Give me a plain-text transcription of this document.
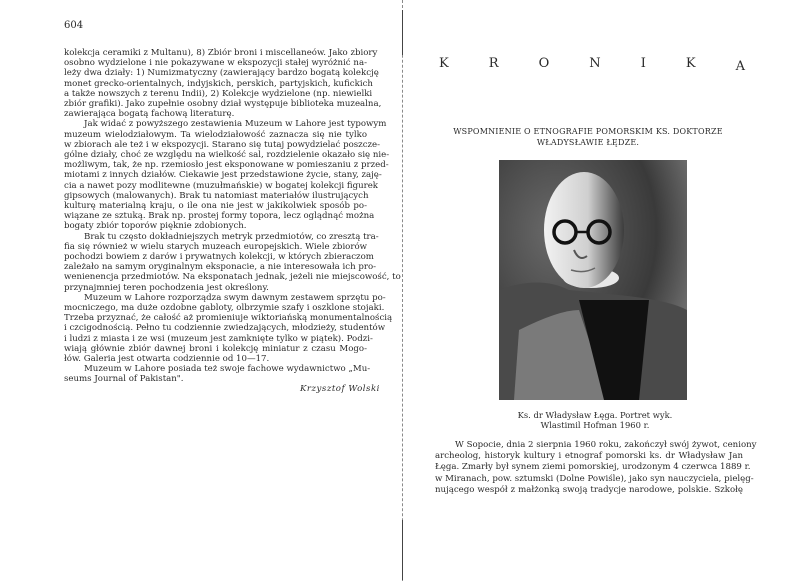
604
kolekcja ceramiki z Multanu), 8) Zbiór broni i miscellaneów. Jako zbiory
osobno wydzielone i nie pokazywane w ekspozycji stałej wyróżnić na-
leży dwa działy: 1) Numizmatyczny (zawierający bardzo bogatą kolekcję
monet grecko-orientalnych, indyjskich, perskich, partyjskich, kufickich
a także nowszych z terenu Indii), 2) Kolekcje wydzielone (np. niewielki
zbiór grafiki). Jako zupełnie osobny dział występuje biblioteka muzealna,
zawierająca bogatą fachową literaturę.
Jak widać z powyższego zestawienia Muzeum w Lahore jest typowym
muzeum wielodziałowym. Ta wielodziałowość zaznacza się nie tylko
w zbiorach ale też i w ekspozycji. Starano się tutaj powydzielać poszcze-
gólne działy, choć ze względu na wielkość sal, rozdzielenie okazało się nie-
możliwym, tak, że np. rzemiosło jest eksponowane w pomieszaniu z przed-
miotami z innych działów. Ciekawie jest przedstawione życie, stany, zaję-
cia a nawet pozy modlitewne (muzułmańskie) w bogatej kolekcji figurek
gipsowych (malowanych). Brak tu natomiast materiałów ilustrujących
kulturę materialną kraju, o ile ona nie jest w jakikolwiek sposób po-
wiązane ze sztuką. Brak np. prostej formy topora, lecz oglądnąć można
bogaty zbiór toporów pięknie zdobionych.
Brak tu często dokładniejszych metryk przedmiotów, co zresztą tra-
fia się również w wielu starych muzeach europejskich. Wiele zbiorów
pochodzi bowiem z darów i prywatnych kolekcji, w których zbieraczom
zależało na samym oryginalnym eksponacie, a nie interesowała ich pro-
wenienencja przedmiotów. Na eksponatach jednak, jeżeli nie miejscowość, to
przynajmniej teren pochodzenia jest określony.
Muzeum w Lahore rozporządza swym dawnym zestawem sprzętu po-
mocniczego, ma duże ozdobne gabloty, olbrzymie szafy i oszklone stojaki.
Trzeba przyznać, że całość aż promieniuje wiktoriańską monumentalnością
i czcigodnością. Pełno tu codziennie zwiedzających, młodzieży, studentów
i ludzi z miasta i ze wsi (muzeum jest zamknięte tylko w piątek). Podzi-
wiają głównie zbiór dawnej broni i kolekcję miniatur z czasu Mogo-
łów. Galeria jest otwarta codziennie od 10—17.
Muzeum w Lahore posiada też swoje fachowe wydawnictwo „Mu-
seums Journal of Pakistan".
Krzysztof Wolski
K	R	O	N	I	K	A
WSPOMNIENIE O ETNOGRAFIE POMORSKIM KS. DOKTORZE
WŁADYSŁAWIE ŁĘDZE.
Ks. dr Władysław Łęga. Portret wyk.
Wlastimil Hofman 1960 r.
W Sopocie, dnia 2 sierpnia 1960 roku, zakończył swój żywot, ceniony
archeolog, historyk kultury i etnograf pomorski ks. dr Władysław Jan
Łęga. Zmarły był synem ziemi pomorskiej, urodzonym 4 czerwca 1889 r.
w Miranach, pow. sztumski (Dolne Powiśle), jako syn nauczyciela, pielęg-
nującego wespół z małżonką swoją tradycje narodowe, polskie. Szkołę
